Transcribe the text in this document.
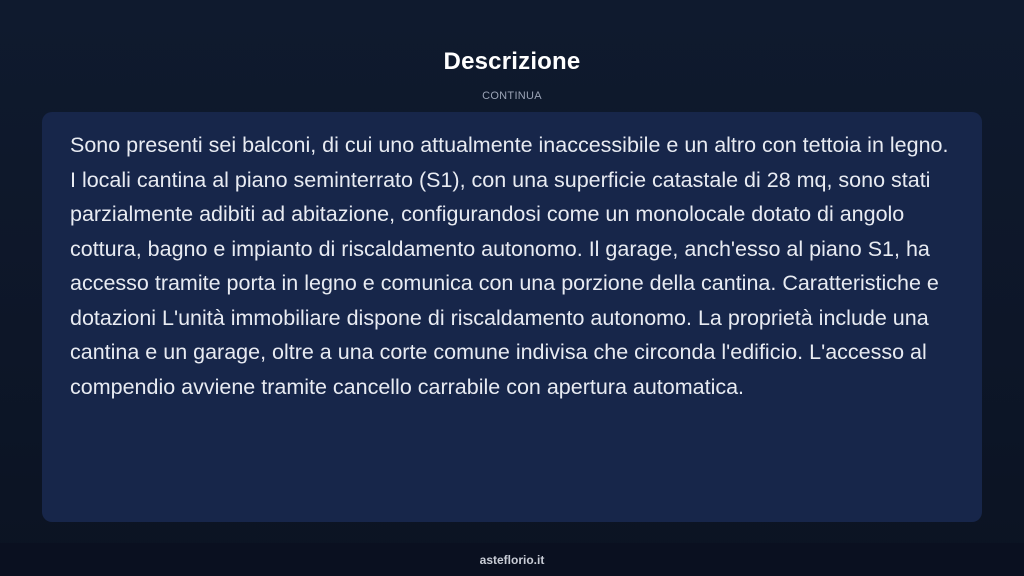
Descrizione
CONTINUA

Sono presenti sei balconi, di cui uno attualmente inaccessibile e un altro con tettoia in legno. I locali cantina al piano seminterrato (S1), con una superficie catastale di 28 mq, sono stati parzialmente adibiti ad abitazione, configurandosi come un monolocale dotato di angolo cottura, bagno e impianto di riscaldamento autonomo. Il garage, anch'esso al piano S1, ha accesso tramite porta in legno e comunica con una porzione della cantina. Caratteristiche e dotazioni L'unità immobiliare dispone di riscaldamento autonomo. La proprietà include una cantina e un garage, oltre a una corte comune indivisa che circonda l'edificio. L'accesso al compendio avviene tramite cancello carrabile con apertura automatica.

asteflorio.it
